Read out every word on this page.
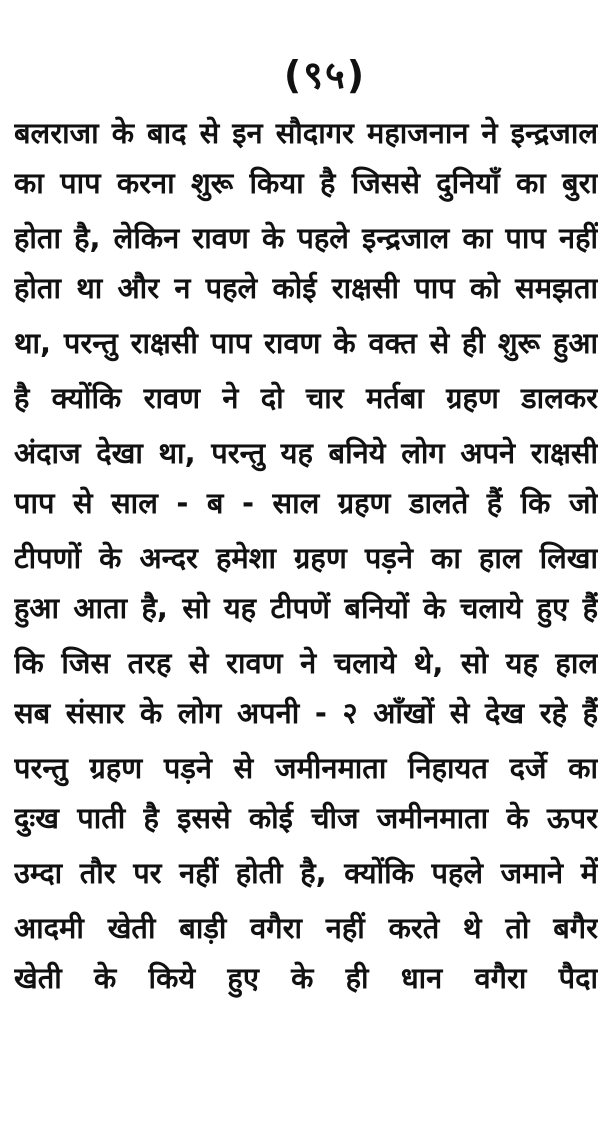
(९५)
बलराजा के बाद से इन सौदागर महाजनान ने इन्द्रजाल
का पाप करना शुरू किया है जिससे दुनियाँ का बुरा
होता है, लेकिन रावण के पहले इन्द्रजाल का पाप नहीं
होता था और न पहले कोई राक्षसी पाप को समझता
था, परन्तु राक्षसी पाप रावण के वक्त से ही शुरू हुआ
है क्योंकि रावण ने दो चार मर्तबा ग्रहण डालकर
अंदाज देखा था, परन्तु यह बनिये लोग अपने राक्षसी
पाप से साल - ब - साल ग्रहण डालते हैं कि जो
टीपणों के अन्दर हमेशा ग्रहण पड़ने का हाल लिखा
हुआ आता है, सो यह टीपणें बनियों के चलाये हुए हैं
कि जिस तरह से रावण ने चलाये थे, सो यह हाल
सब संसार के लोग अपनी - २ आँखों से देख रहे हैं
परन्तु ग्रहण पड़ने से जमीनमाता निहायत दर्जे का
दुःख पाती है इससे कोई चीज जमीनमाता के ऊपर
उम्दा तौर पर नहीं होती है, क्योंकि पहले जमाने में
आदमी खेती बाड़ी वगैरा नहीं करते थे तो बगैर
खेती के किये हुए के ही धान वगैरा पैदा
